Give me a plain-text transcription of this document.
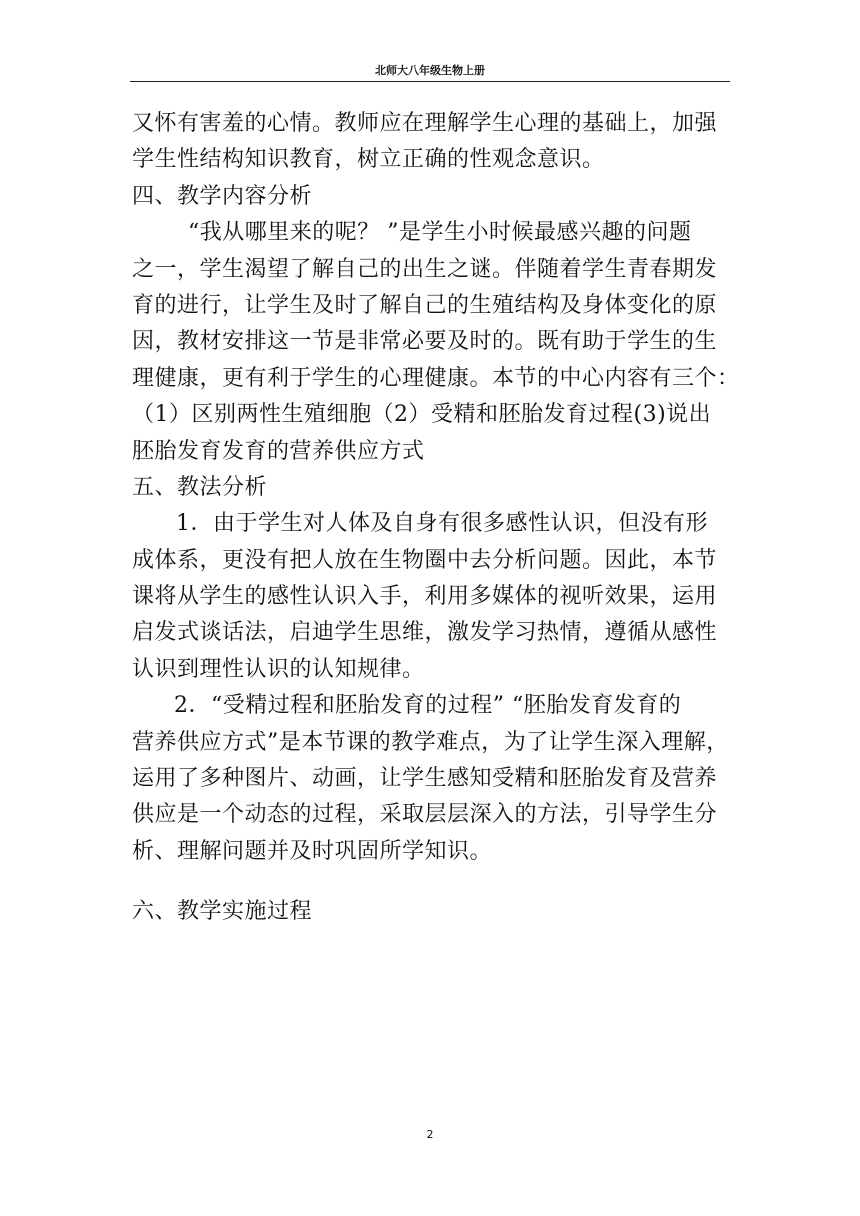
北师大八年级生物上册
又怀有害羞的心情。教师应在理解学生心理的基础上，加强
学生性结构知识教育，树立正确的性观念意识。
四、教学内容分析
“我从哪里来的呢？ ”是学生小时候最感兴趣的问题
之一，学生渴望了解自己的出生之谜。伴随着学生青春期发
育的进行，让学生及时了解自己的生殖结构及身体变化的原
因，教材安排这一节是非常必要及时的。既有助于学生的生
理健康，更有利于学生的心理健康。本节的中心内容有三个：
（1）区别两性生殖细胞（2）受精和胚胎发育过程(3)说出
胚胎发育发育的营养供应方式
五、教法分析
1．由于学生对人体及自身有很多感性认识，但没有形
成体系，更没有把人放在生物圈中去分析问题。因此，本节
课将从学生的感性认识入手，利用多媒体的视听效果，运用
启发式谈话法，启迪学生思维，激发学习热情，遵循从感性
认识到理性认识的认知规律。
2．“受精过程和胚胎发育的过程” “胚胎发育发育的
营养供应方式”是本节课的教学难点，为了让学生深入理解，
运用了多种图片、动画，让学生感知受精和胚胎发育及营养
供应是一个动态的过程，采取层层深入的方法，引导学生分
析、理解问题并及时巩固所学知识。
六、教学实施过程
2
